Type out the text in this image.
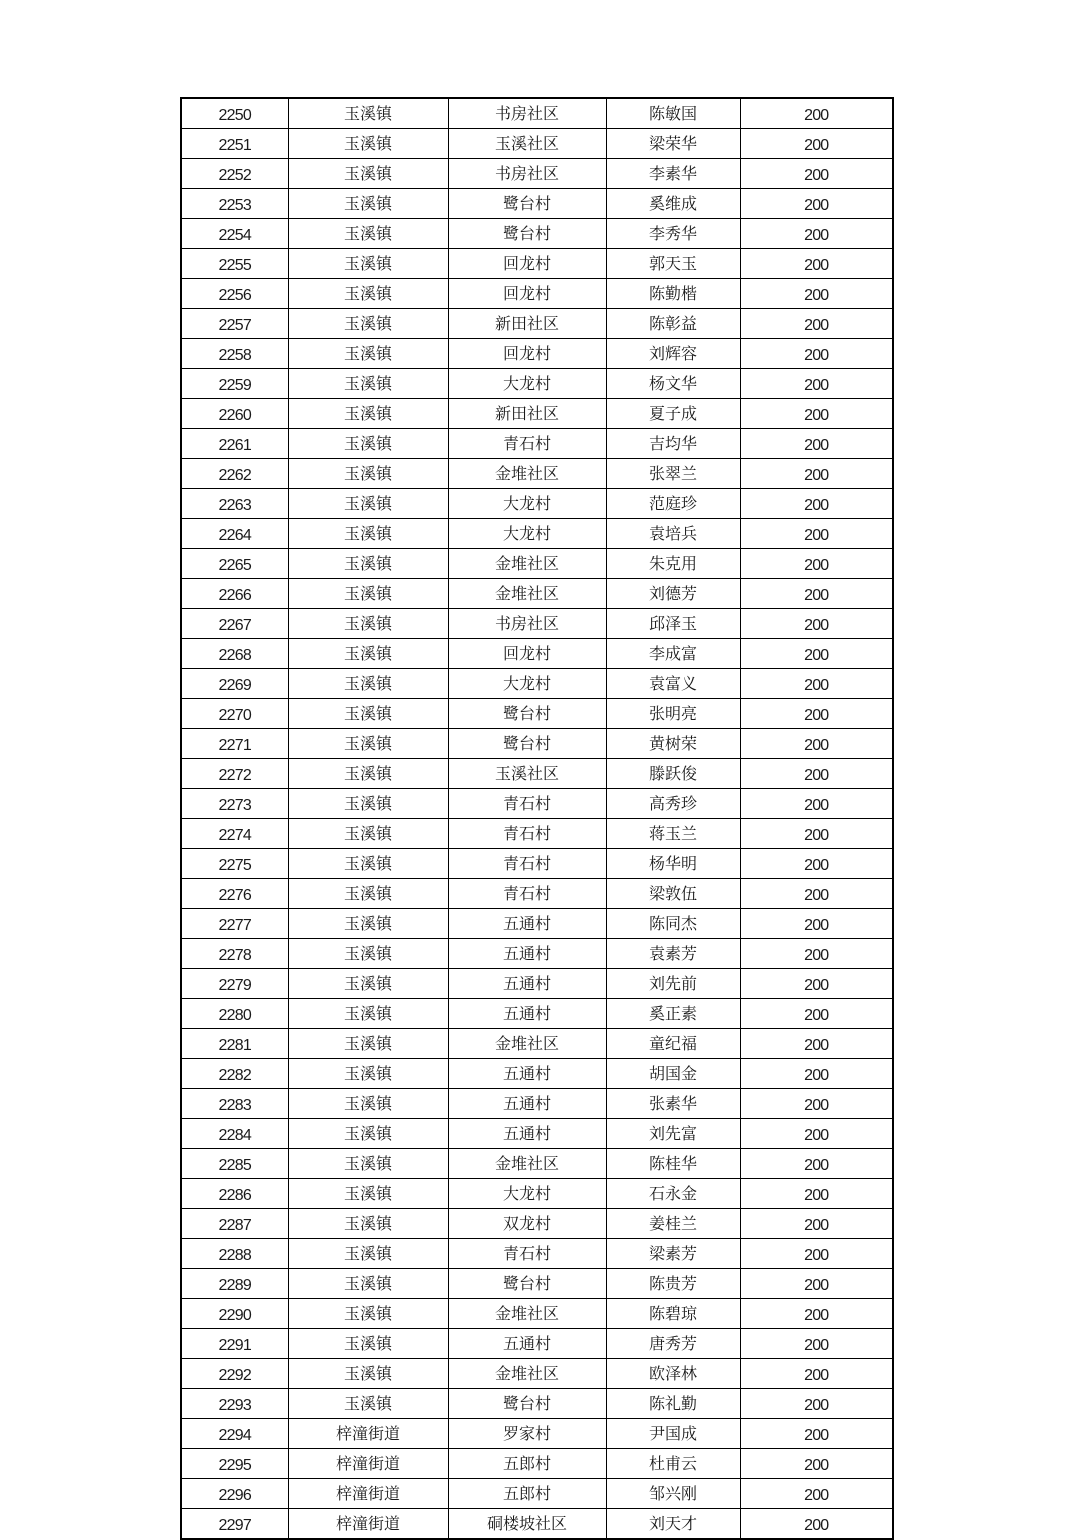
2250	玉溪镇	书房社区	陈敏国	200
2251	玉溪镇	玉溪社区	梁荣华	200
2252	玉溪镇	书房社区	李素华	200
2253	玉溪镇	鹭台村	奚维成	200
2254	玉溪镇	鹭台村	李秀华	200
2255	玉溪镇	回龙村	郭天玉	200
2256	玉溪镇	回龙村	陈勤楷	200
2257	玉溪镇	新田社区	陈彰益	200
2258	玉溪镇	回龙村	刘辉容	200
2259	玉溪镇	大龙村	杨文华	200
2260	玉溪镇	新田社区	夏子成	200
2261	玉溪镇	青石村	吉均华	200
2262	玉溪镇	金堆社区	张翠兰	200
2263	玉溪镇	大龙村	范庭珍	200
2264	玉溪镇	大龙村	袁培兵	200
2265	玉溪镇	金堆社区	朱克用	200
2266	玉溪镇	金堆社区	刘德芳	200
2267	玉溪镇	书房社区	邱泽玉	200
2268	玉溪镇	回龙村	李成富	200
2269	玉溪镇	大龙村	袁富义	200
2270	玉溪镇	鹭台村	张明亮	200
2271	玉溪镇	鹭台村	黄树荣	200
2272	玉溪镇	玉溪社区	滕跃俊	200
2273	玉溪镇	青石村	高秀珍	200
2274	玉溪镇	青石村	蒋玉兰	200
2275	玉溪镇	青石村	杨华明	200
2276	玉溪镇	青石村	梁敦伍	200
2277	玉溪镇	五通村	陈同杰	200
2278	玉溪镇	五通村	袁素芳	200
2279	玉溪镇	五通村	刘先前	200
2280	玉溪镇	五通村	奚正素	200
2281	玉溪镇	金堆社区	童纪福	200
2282	玉溪镇	五通村	胡国金	200
2283	玉溪镇	五通村	张素华	200
2284	玉溪镇	五通村	刘先富	200
2285	玉溪镇	金堆社区	陈桂华	200
2286	玉溪镇	大龙村	石永金	200
2287	玉溪镇	双龙村	姜桂兰	200
2288	玉溪镇	青石村	梁素芳	200
2289	玉溪镇	鹭台村	陈贵芳	200
2290	玉溪镇	金堆社区	陈碧琼	200
2291	玉溪镇	五通村	唐秀芳	200
2292	玉溪镇	金堆社区	欧泽林	200
2293	玉溪镇	鹭台村	陈礼勤	200
2294	梓潼街道	罗家村	尹国成	200
2295	梓潼街道	五郎村	杜甫云	200
2296	梓潼街道	五郎村	邹兴刚	200
2297	梓潼街道	硐楼坡社区	刘天才	200
